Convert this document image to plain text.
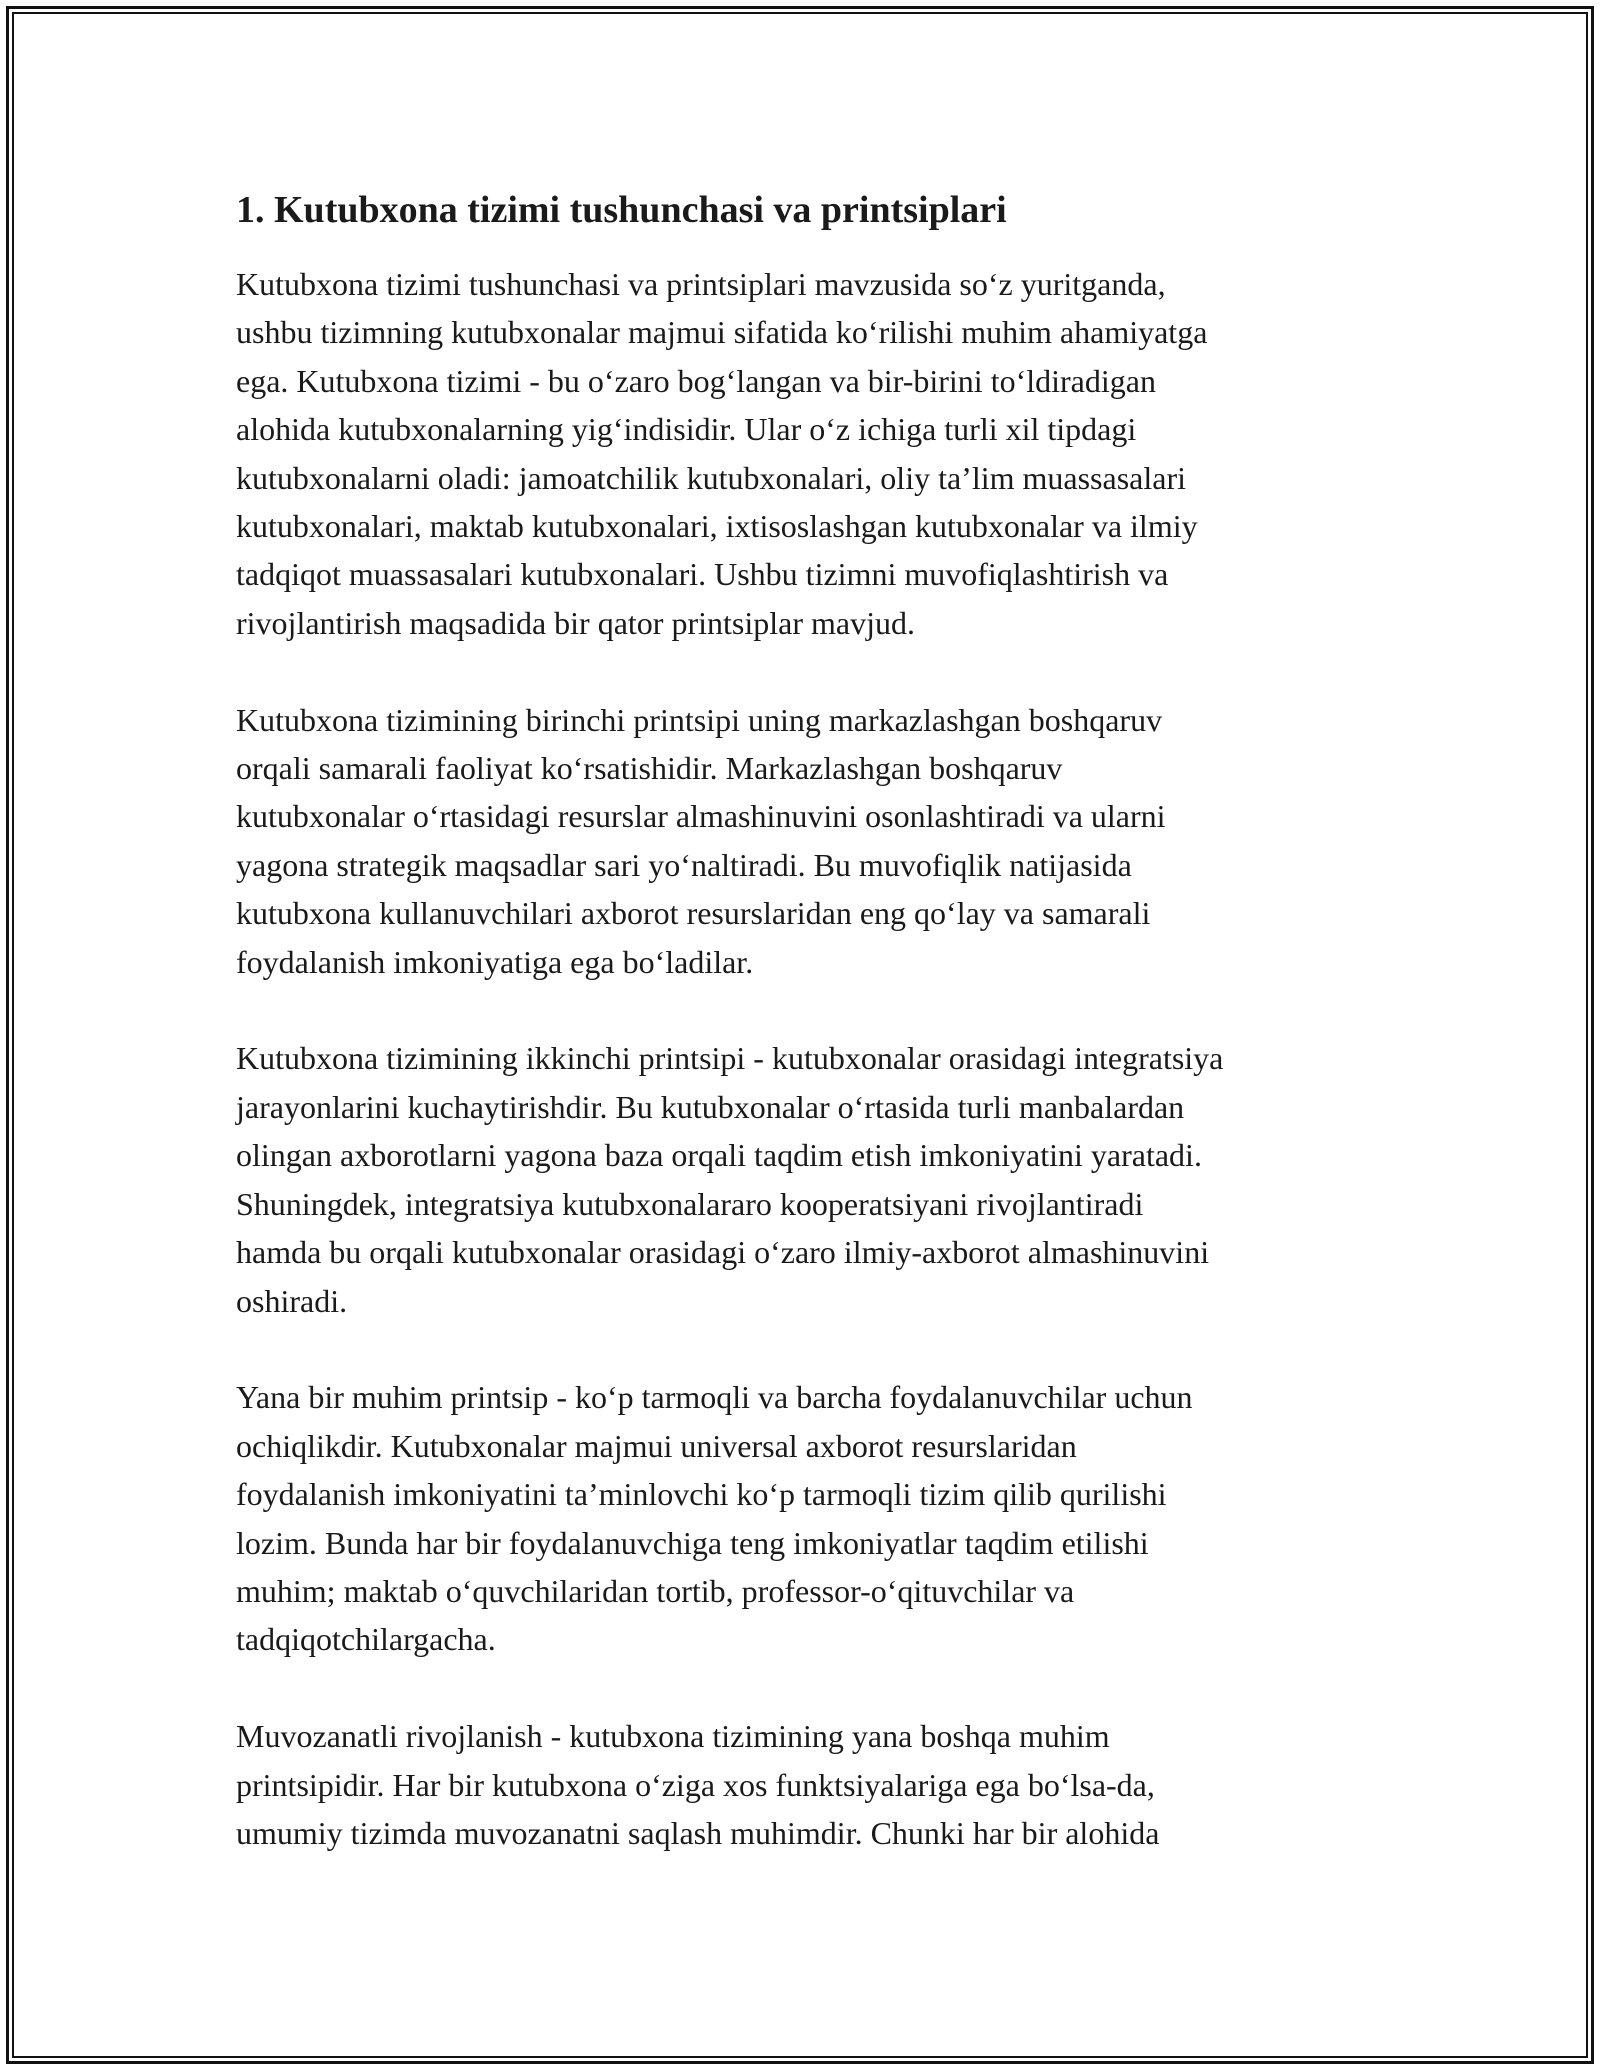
1. Kutubxona tizimi tushunchasi va printsiplari
Kutubxona tizimi tushunchasi va printsiplari mavzusida so‘z yuritganda,
ushbu tizimning kutubxonalar majmui sifatida ko‘rilishi muhim ahamiyatga
ega. Kutubxona tizimi - bu o‘zaro bog‘langan va bir-birini to‘ldiradigan
alohida kutubxonalarning yig‘indisidir. Ular o‘z ichiga turli xil tipdagi
kutubxonalarni oladi: jamoatchilik kutubxonalari, oliy ta’lim muassasalari
kutubxonalari, maktab kutubxonalari, ixtisoslashgan kutubxonalar va ilmiy
tadqiqot muassasalari kutubxonalari. Ushbu tizimni muvofiqlashtirish va
rivojlantirish maqsadida bir qator printsiplar mavjud.
Kutubxona tizimining birinchi printsipi uning markazlashgan boshqaruv
orqali samarali faoliyat ko‘rsatishidir. Markazlashgan boshqaruv
kutubxonalar o‘rtasidagi resurslar almashinuvini osonlashtiradi va ularni
yagona strategik maqsadlar sari yo‘naltiradi. Bu muvofiqlik natijasida
kutubxona kullanuvchilari axborot resurslaridan eng qo‘lay va samarali
foydalanish imkoniyatiga ega bo‘ladilar.
Kutubxona tizimining ikkinchi printsipi - kutubxonalar orasidagi integratsiya
jarayonlarini kuchaytirishdir. Bu kutubxonalar o‘rtasida turli manbalardan
olingan axborotlarni yagona baza orqali taqdim etish imkoniyatini yaratadi.
Shuningdek, integratsiya kutubxonalararo kooperatsiyani rivojlantiradi
hamda bu orqali kutubxonalar orasidagi o‘zaro ilmiy-axborot almashinuvini
oshiradi.
Yana bir muhim printsip - ko‘p tarmoqli va barcha foydalanuvchilar uchun
ochiqlikdir. Kutubxonalar majmui universal axborot resurslaridan
foydalanish imkoniyatini ta’minlovchi ko‘p tarmoqli tizim qilib qurilishi
lozim. Bunda har bir foydalanuvchiga teng imkoniyatlar taqdim etilishi
muhim; maktab o‘quvchilaridan tortib, professor-o‘qituvchilar va
tadqiqotchilargacha.
Muvozanatli rivojlanish - kutubxona tizimining yana boshqa muhim
printsipidir. Har bir kutubxona o‘ziga xos funktsiyalariga ega bo‘lsa-da,
umumiy tizimda muvozanatni saqlash muhimdir. Chunki har bir alohida
